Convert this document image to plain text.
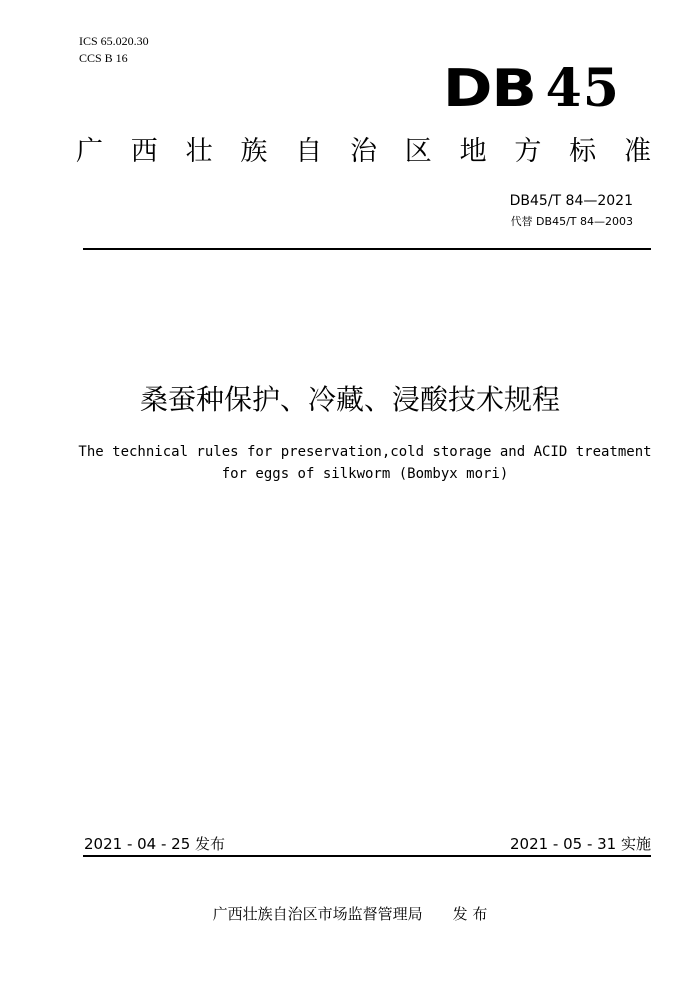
ICS 65.020.30
CCS B 16
DB 45
广 西 壮 族 自 治 区 地 方 标 准
DB45/T 84—2021
代替 DB45/T 84—2003
桑蚕种保护、冷藏、浸酸技术规程
The technical rules for preservation,cold storage and ACID treatment for eggs of silkworm (Bombyx mori)
2021 - 04 - 25 发布	2021 - 05 - 31 实施
广西壮族自治区市场监督管理局 发 布
